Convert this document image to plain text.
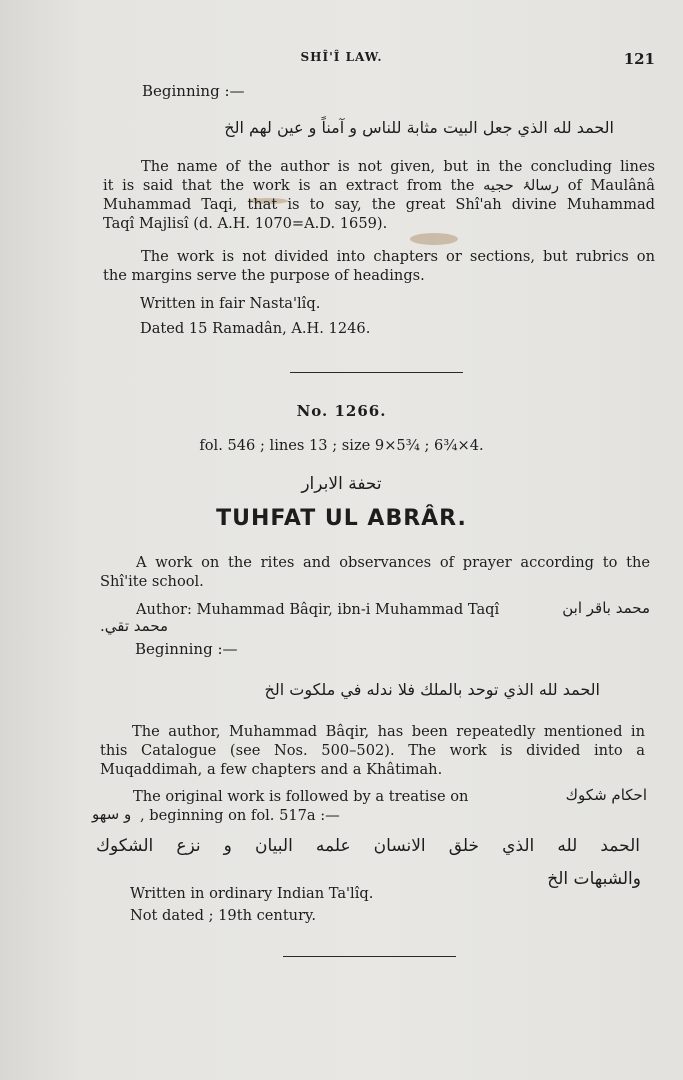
SHÎ'Î LAW.	121

Beginning :—

الحمد لله الذي جعل البيت مثابة للناس و آمناً و عين لهم الخ

The name of the author is not given, but in the concluding lines
it is said that the work is an extract from the رسالۂ حجیه of Maulânâ
Muhammad Taqi, that is to say, the great Shî'ah divine Muhammad
Taqî Majlisî (d. A.H. 1070=A.D. 1659).
The work is not divided into chapters or sections, but rubrics on
the margins serve the purpose of headings.

Written in fair Nasta'lîq.

Dated 15 Ramadân, A.H. 1246.

No. 1266.

fol. 546 ; lines 13 ; size 9×5¾ ; 6¾×4.

تحفة الابرار

TUHFAT UL ABRÂR.

A work on the rites and observances of prayer according to the
Shî'ite school.

Author: Muhammad Bâqir, ibn-i Muhammad Taqî	محمد باقر ابن

محمد تقي.

Beginning :—

الحمد لله الذي توحد بالملك فلا ندله في ملكوت الخ

The author, Muhammad Bâqir, has been repeatedly mentioned in
this Catalogue (see Nos. 500–502). The work is divided into a
Muqaddimah, a few chapters and a Khâtimah.

The original work is followed by a treatise on	احكام شكوك

و سهو , beginning on fol. 517a :—

الحمد لله الذي خلق الانسان علمه البيان و نزع الشكوك

والشبهات الخ

Written in ordinary Indian Ta'lîq.

Not dated ; 19th century.
